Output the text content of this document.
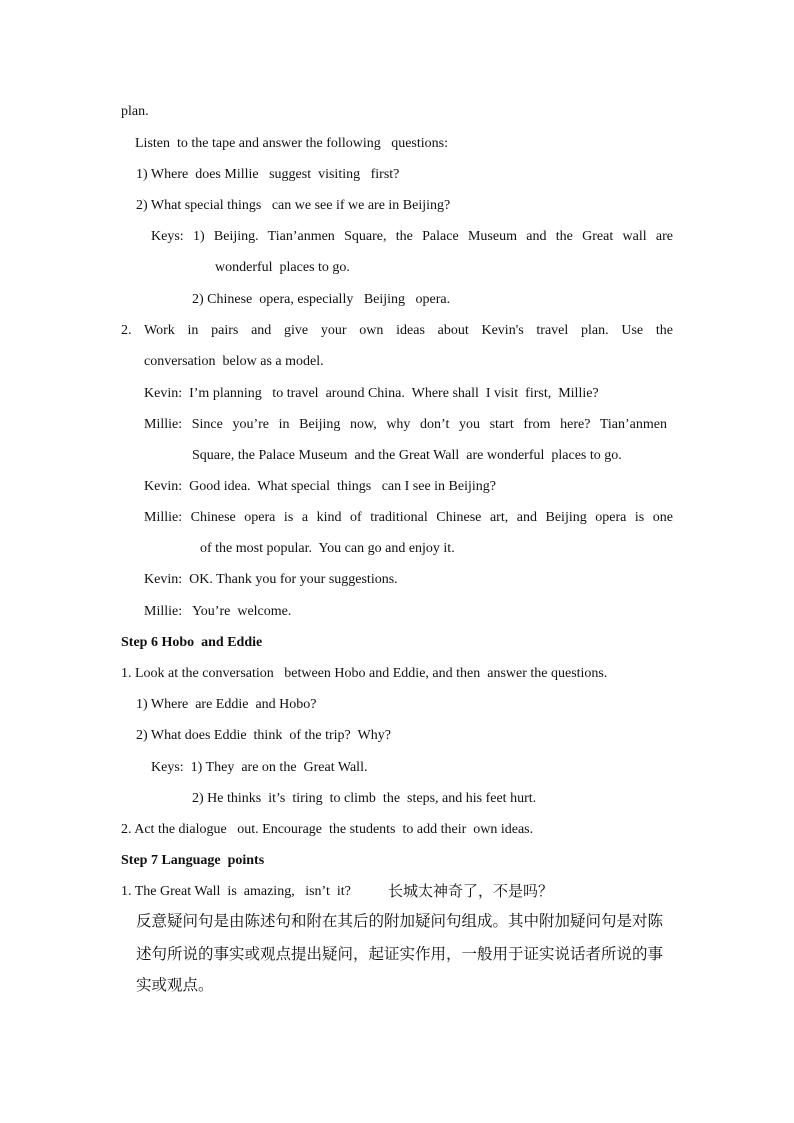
plan.
Listen  to the tape and answer the following   questions:
1) Where  does Millie   suggest  visiting   first?
2) What special things   can we see if we are in Beijing?
Keys: 1) Beijing. Tian’anmen Square, the Palace Museum and the Great wall are
wonderful  places to go.
2) Chinese  opera, especially   Beijing   opera.
2. Work in pairs and give your own ideas about Kevin's travel plan. Use the
conversation  below as a model.
Kevin:  I’m planning   to travel  around China.  Where shall  I visit  first,  Millie?
Millie: Since you’re in Beijing now, why don’t you start from here? Tian’anmen
Square, the Palace Museum  and the Great Wall  are wonderful  places to go.
Kevin:  Good idea.  What special  things   can I see in Beijing?
Millie: Chinese opera is a kind of traditional Chinese art, and Beijing opera is one
of the most popular.  You can go and enjoy it.
Kevin:  OK. Thank you for your suggestions.
Millie:   You’re  welcome.
Step 6 Hobo  and Eddie
1. Look at the conversation   between Hobo and Eddie, and then  answer the questions.
1) Where  are Eddie  and Hobo?
2) What does Eddie  think  of the trip?  Why?
Keys:  1) They  are on the  Great Wall.
2) He thinks  it’s  tiring  to climb  the  steps, and his feet hurt.
2. Act the dialogue   out. Encourage  the students  to add their  own ideas.
Step 7 Language  points
1. The Great Wall  is  amazing,   isn’t  it? 长城太神奇了，不是吗？
反意疑问句是由陈述句和附在其后的附加疑问句组成。其中附加疑问句是对陈
述句所说的事实或观点提出疑问，起证实作用，一般用于证实说话者所说的事
实或观点。
